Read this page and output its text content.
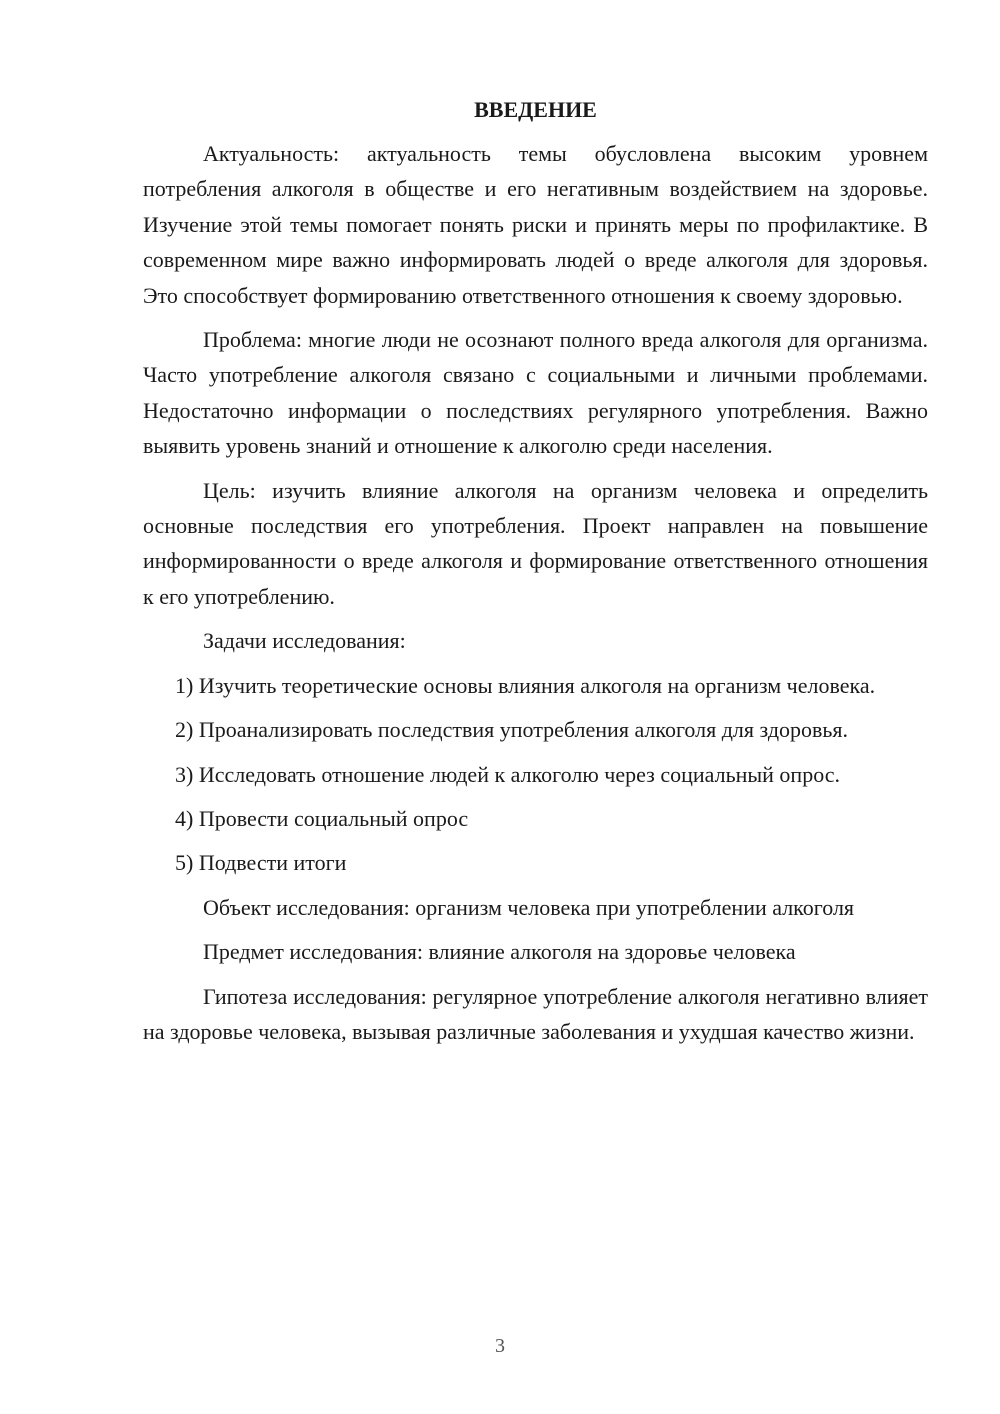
ВВЕДЕНИЕ

Актуальность: актуальность темы обусловлена высоким уровнем потребления алкоголя в обществе и его негативным воздействием на здоровье. Изучение этой темы помогает понять риски и принять меры по профилактике. В современном мире важно информировать людей о вреде алкоголя для здоровья. Это способствует формированию ответственного отношения к своему здоровью.

Проблема: многие люди не осознают полного вреда алкоголя для организма. Часто употребление алкоголя связано с социальными и личными проблемами. Недостаточно информации о последствиях регулярного употребления. Важно выявить уровень знаний и отношение к алкоголю среди населения.

Цель: изучить влияние алкоголя на организм человека и определить основные последствия его употребления. Проект направлен на повышение информированности о вреде алкоголя и формирование ответственного отношения к его употреблению.

Задачи исследования:

1) Изучить теоретические основы влияния алкоголя на организм человека.

2) Проанализировать последствия употребления алкоголя для здоровья.

3) Исследовать отношение людей к алкоголю через социальный опрос.

4) Провести социальный опрос

5) Подвести итоги

Объект исследования: организм человека при употреблении алкоголя

Предмет исследования: влияние алкоголя на здоровье человека

Гипотеза исследования: регулярное употребление алкоголя негативно влияет на здоровье человека, вызывая различные заболевания и ухудшая качество жизни.

3
